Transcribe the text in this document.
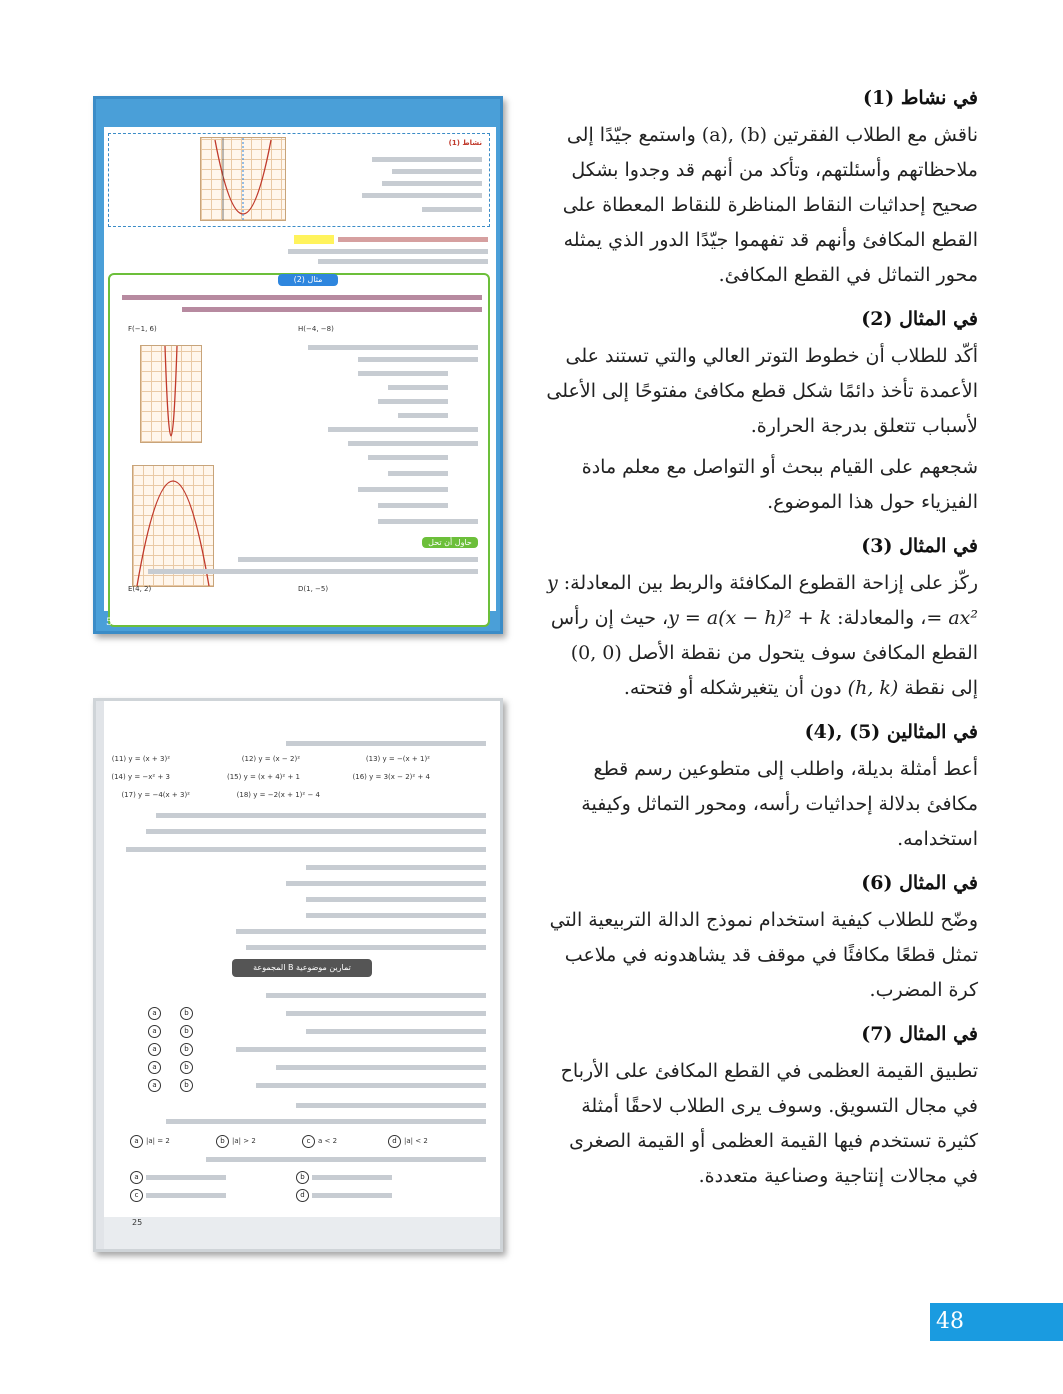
في نشاط (1)

ناقش مع الطلاب الفقرتين (b) ,(a) واستمع جيّدًا إلى ملاحظاتهم وأسئلتهم، وتأكد من أنهم قد وجدوا بشكل صحيح إحداثيات النقاط المناظرة للنقاط المعطاة على القطع المكافئ وأنهم قد تفهموا جيّدًا الدور الذي يمثله محور التماثل في القطع المكافئ.

في المثال (2)

أكّد للطلاب أن خطوط التوتر العالي والتي تستند على الأعمدة تأخذ دائمًا شكل قطع مكافئ مفتوحًا إلى الأعلى لأسباب تتعلق بدرجة الحرارة.

شجعهم على القيام ببحث أو التواصل مع معلم مادة الفيزياء حول هذا الموضوع.

في المثال (3)

ركّز على إزاحة القطوع المكافئة والربط بين المعادلة: y = ax²، والمعادلة: y = a(x − h)² + k، حيث إن رأس القطع المكافئ سوف يتحول من نقطة الأصل (0 ,0) إلى نقطة (h, k) دون أن يتغيرشكله أو فتحته.

في المثالين (5) ,(4)

أعط أمثلة بديلة، واطلب إلى متطوعين رسم قطع مكافئ بدلالة إحداثيات رأسه، ومحور التماثل وكيفية استخدامه.

في المثال (6)

وضّح للطلاب كيفية استخدام نموذج الدالة التربيعية التي تمثل قطعًا مكافئًا في موقف قد يشاهدونه في ملاعب كرة المضرب.

في المثال (7)

تطبيق القيمة العظمى في القطع المكافئ على الأرباح في مجال التسويق. وسوف يرى الطلاب لاحقًا أمثلة كثيرة تستخدم فيها القيمة العظمى أو القيمة الصغرى في مجالات إنتاجية وصناعية متعددة.

48
نشاط (1)
مثال (2)
F(−1, 6)	H(−4, −8)
حاول أن تحل
E(4, 2)	D(1, −5)
57
(11) y = (x + 3)²	(12) y = (x − 2)²	(13) y = −(x + 1)²
(14) y = −x² + 3	(15) y = (x + 4)² + 1	(16) y = 3(x − 2)² + 4
(17) y = −4(x + 3)²	(18) y = −2(x + 1)² − 4
المجموعة B تمارين موضوعية
a	b
a	b
a	b
a	b
a	b
a	|a| = 2	b	|a| > 2	c	a < 2	d	|a| < 2
a	b
c	d
25
